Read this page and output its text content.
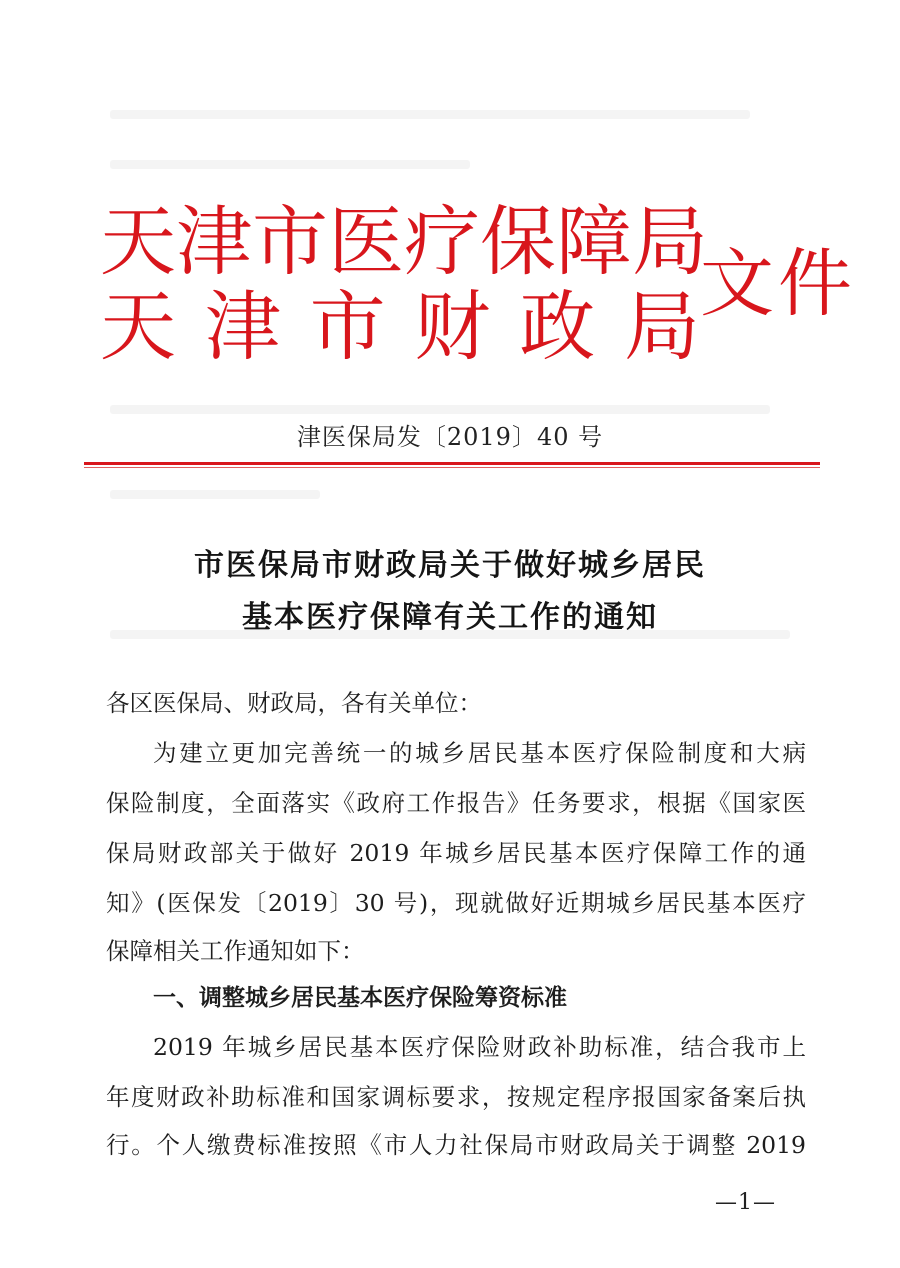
天 津 市 医 疗 保 障 局
天 津 市 财 政 局 文件
津医保局发〔2019〕40 号
市医保局市财政局关于做好城乡居民
基本医疗保障有关工作的通知
各区医保局、财政局，各有关单位：
为建立更加完善统一的城乡居民基本医疗保险制度和大病
保险制度，全面落实《政府工作报告》任务要求，根据《国家医
保局财政部关于做好 2019 年城乡居民基本医疗保障工作的通
知》(医保发〔2019〕30 号)，现就做好近期城乡居民基本医疗
保障相关工作通知如下：
一、调整城乡居民基本医疗保险筹资标准
2019 年城乡居民基本医疗保险财政补助标准，结合我市上
年度财政补助标准和国家调标要求，按规定程序报国家备案后执
行。个人缴费标准按照《市人力社保局市财政局关于调整 2019
—1—
